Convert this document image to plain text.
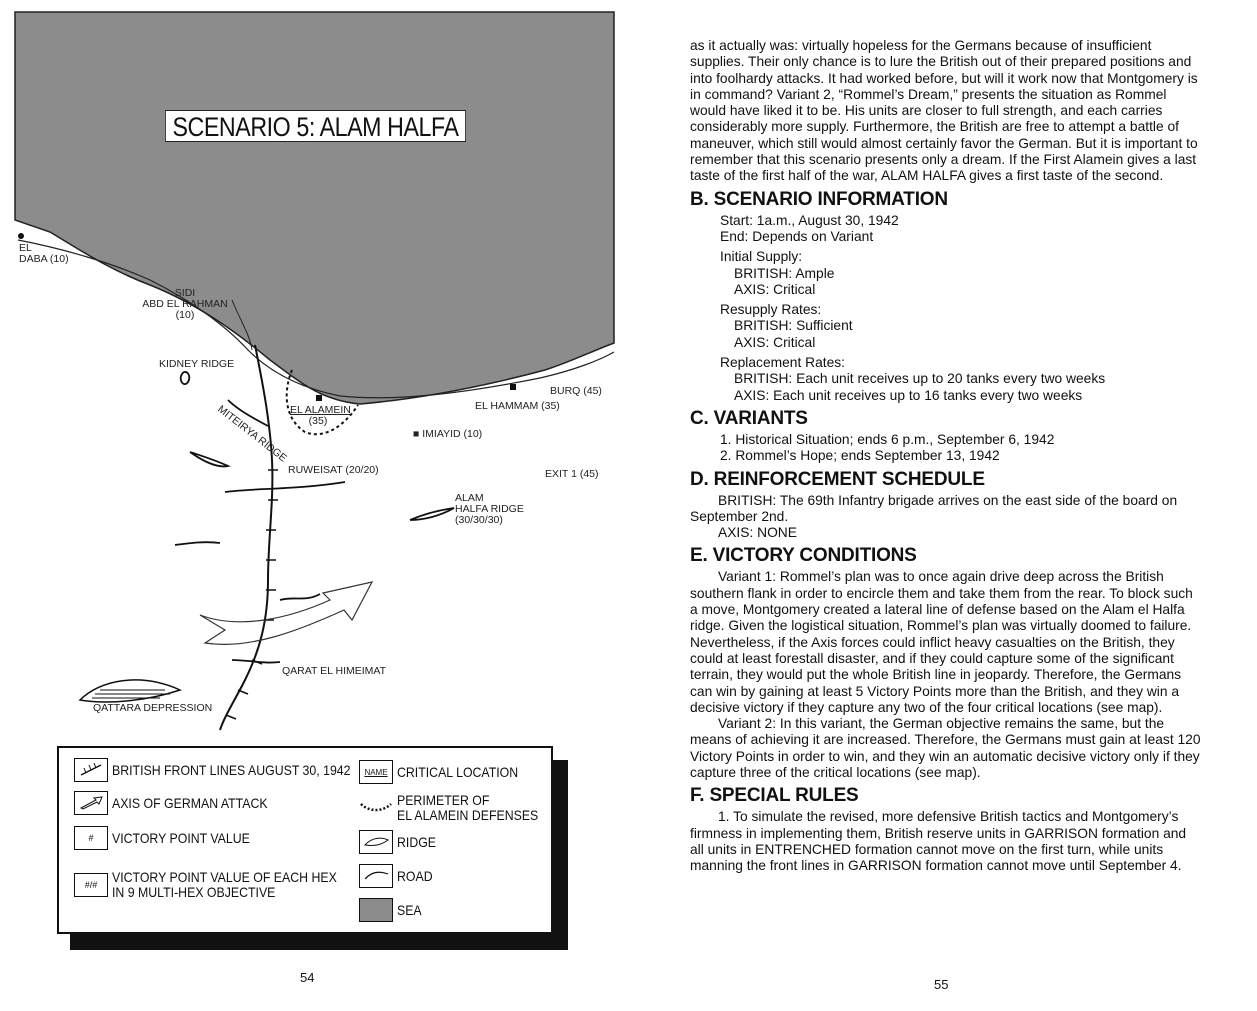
SCENARIO 5: ALAM HALFA
EL
DABA (10)
SIDI
ABD EL RAHMAN
(10)
KIDNEY RIDGE
MITEIRYA RIDGE EL ALAMEIN
(35)
BURQ (45)
EL HAMMAM (35)
■ IMIAYID (10)
EXIT 1 (45)
RUWEISAT (20/20)
ALAM
HALFA RIDGE
(30/30/30)
QARAT EL HIMEIMAT
QATTARA DEPRESSION
BRITISH FRONT LINES AUGUST 30, 1942
AXIS OF GERMAN ATTACK
#	VICTORY POINT VALUE
#/#	VICTORY POINT VALUE OF EACH HEX
IN 9 MULTI-HEX OBJECTIVE
NAME CRITICAL LOCATION
PERIMETER OF
EL ALAMEIN DEFENSES
RIDGE
ROAD
SEA
54

as it actually was: virtually hopeless for the Germans because of insufficient supplies. Their only chance is to lure the British out of their prepared positions and into foolhardy attacks. It had worked before, but will it work now that Montgomery is in command? Variant 2, “Rommel’s Dream,” presents the situation as Rommel would have liked it to be. His units are closer to full strength, and each carries considerably more supply. Furthermore, the British are free to attempt a battle of maneuver, which still would almost certainly favor the German. But it is important to remember that this scenario presents only a dream. If the First Alamein gives a last taste of the first half of the war, ALAM HALFA gives a first taste of the second.

B. SCENARIO INFORMATION

Start: 1a.m., August 30, 1942

End: Depends on Variant

Initial Supply:

BRITISH: Ample

AXIS: Critical

Resupply Rates:

BRITISH: Sufficient

AXIS: Critical

Replacement Rates:

BRITISH: Each unit receives up to 20 tanks every two weeks

AXIS: Each unit receives up to 16 tanks every two weeks

C. VARIANTS

1. Historical Situation; ends 6 p.m., September 6, 1942

2. Rommel’s Hope; ends September 13, 1942

D. REINFORCEMENT SCHEDULE

BRITISH: The 69th Infantry brigade arrives on the east side of the board on September 2nd.

AXIS: NONE

E. VICTORY CONDITIONS

Variant 1: Rommel’s plan was to once again drive deep across the British southern flank in order to encircle them and take them from the rear. To block such a move, Montgomery created a lateral line of defense based on the Alam el Halfa ridge. Given the logistical situation, Rommel’s plan was virtually doomed to failure. Nevertheless, if the Axis forces could inflict heavy casualties on the British, they could at least forestall disaster, and if they could capture some of the significant terrain, they would put the whole British line in jeopardy. Therefore, the Germans can win by gaining at least 5 Victory Points more than the British, and they win a decisive victory if they capture any two of the four critical locations (see map).

Variant 2: In this variant, the German objective remains the same, but the means of achieving it are increased. Therefore, the Germans must gain at least 120 Victory Points in order to win, and they win an automatic decisive victory only if they capture three of the critical locations (see map).

F. SPECIAL RULES

1. To simulate the revised, more defensive British tactics and Montgomery’s firmness in implementing them, British reserve units in GARRISON formation and all units in ENTRENCHED formation cannot move on the first turn, while units manning the front lines in GARRISON formation cannot move until September 4.

55
